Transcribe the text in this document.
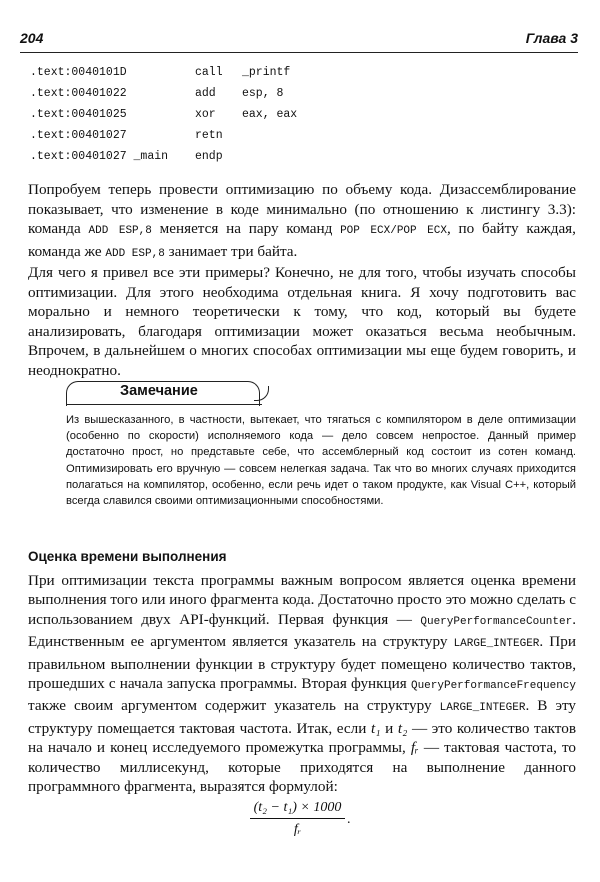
204	Глава 3
.text:0040101D	call _printf
.text:00401022	add esp, 8
.text:00401025	xor eax, eax
.text:00401027	retn
.text:00401027 _main endp

Попробуем теперь провести оптимизацию по объему кода. Дизассемблирование показывает, что изменение в коде минимально (по отношению к листингу 3.3): команда ADD ESP,8 меняется на пару команд POP ECX/POP ECX, по байту каждая, команда же ADD ESP,8 занимает три байта.

Для чего я привел все эти примеры? Конечно, не для того, чтобы изучать способы оптимизации. Для этого необходима отдельная книга. Я хочу подготовить вас морально и немного теоретически к тому, что код, который вы будете анализировать, благодаря оптимизации может оказаться весьма необычным. Впрочем, в дальнейшем о многих способах оптимизации мы еще будем говорить, и неоднократно.

Замечание
Из вышесказанного, в частности, вытекает, что тягаться с компилятором в деле оптимизации (особенно по скорости) исполняемого кода — дело совсем непростое. Данный пример достаточно прост, но представьте себе, что ассемблерный код состоит из сотен команд. Оптимизировать его вручную — совсем нелегкая задача. Так что во многих случаях приходится полагаться на компилятор, особенно, если речь идет о таком продукте, как Visual C++, который всегда славился своими оптимизационными способностями.
Оценка времени выполнения

При оптимизации текста программы важным вопросом является оценка времени выполнения того или иного фрагмента кода. Достаточно просто это можно сделать с использованием двух API-функций. Первая функция — QueryPerformanceCounter. Единственным ее аргументом является указатель на структуру LARGE_INTEGER. При правильном выполнении функции в структуру будет помещено количество тактов, прошедших с начала запуска программы. Вторая функция QueryPerformanceFrequency также своим аргументом содержит указатель на структуру LARGE_INTEGER. В эту структуру помещается тактовая частота. Итак, если t₁ и t₂ — это количество тактов на начало и конец исследуемого промежутка программы, fᵣ — тактовая частота, то количество миллисекунд, которые приходятся на выполнение данного программного фрагмента, выразятся формулой:

(t₂ − t₁) × 1000
fᵣ
.
